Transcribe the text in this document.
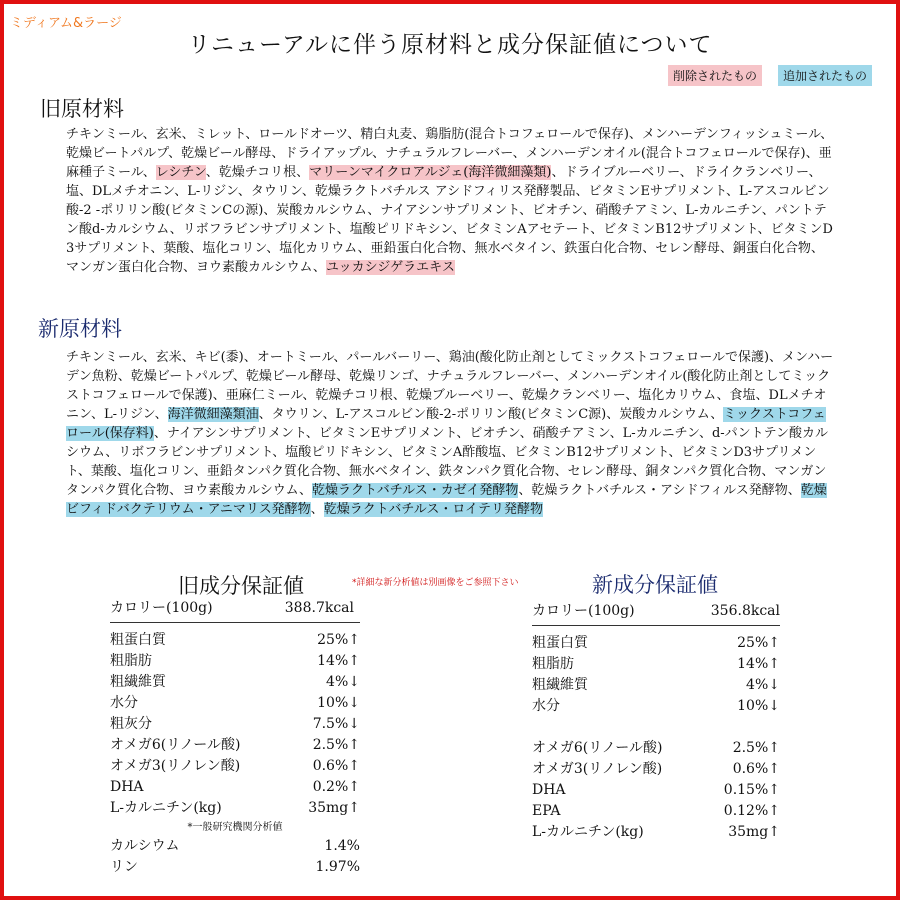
ミディアム&ラージ
リニューアルに伴う原材料と成分保証値について
削除されたもの	追加されたもの
旧原材料

チキンミール、玄米、ミレット、ロールドオーツ、精白丸麦、鶏脂肪(混合トコフェロールで保存)、メンハーデンフィッシュミール、乾燥ビートパルプ、乾燥ビール酵母、ドライアップル、ナチュラルフレーバー、メンハーデンオイル(混合トコフェロールで保存)、亜麻種子ミール、レシチン、乾燥チコリ根、マリーンマイクロアルジェ(海洋微細藻類)、ドライブルーベリー、ドライクランベリー、塩、DLメチオニン、L-リジン、タウリン、乾燥ラクトバチルス アシドフィリス発酵製品、ビタミンEサプリメント、L-アスコルビン酸-2 -ポリリン酸(ビタミンCの源)、炭酸カルシウム、ナイアシンサプリメント、ビオチン、硝酸チアミン、L-カルニチン、パントテン酸d-カルシウム、リボフラビンサプリメント、塩酸ピリドキシン、ビタミンAアセテート、ビタミンB12サプリメント、ビタミンD3サプリメント、葉酸、塩化コリン、塩化カリウム、亜鉛蛋白化合物、無水ベタイン、鉄蛋白化合物、セレン酵母、銅蛋白化合物、マンガン蛋白化合物、ヨウ素酸カルシウム、ユッカシジゲラエキス

新原材料

チキンミール、玄米、キビ(黍)、オートミール、パールバーリー、鶏油(酸化防止剤としてミックストコフェロールで保護)、メンハーデン魚粉、乾燥ビートパルプ、乾燥ビール酵母、乾燥リンゴ、ナチュラルフレーバー、メンハーデンオイル(酸化防止剤としてミックストコフェロールで保護)、亜麻仁ミール、乾燥チコリ根、乾燥ブルーベリー、乾燥クランベリー、塩化カリウム、食塩、DLメチオニン、L-リジン、海洋微細藻類油、タウリン、L-アスコルビン酸-2-ポリリン酸(ビタミンC源)、炭酸カルシウム、ミックストコフェロール(保存料)、ナイアシンサプリメント、ビタミンEサプリメント、ビオチン、硝酸チアミン、L-カルニチン、d-パントテン酸カルシウム、リボフラビンサプリメント、塩酸ピリドキシン、ビタミンA酢酸塩、ビタミンB12サプリメント、ビタミンD3サプリメント、葉酸、塩化コリン、亜鉛タンパク質化合物、無水ベタイン、鉄タンパク質化合物、セレン酵母、銅タンパク質化合物、マンガンタンパク質化合物、ヨウ素酸カルシウム、乾燥ラクトバチルス・カゼイ発酵物、乾燥ラクトバチルス・アシドフィルス発酵物、乾燥ビフィドバクテリウム・アニマリス発酵物、乾燥ラクトバチルス・ロイテリ発酵物

旧成分保証値	*詳細な新分析値は別画像をご参照下さい	新成分保証値
カロリー(100g)	388.7kcal
粗蛋白質	25%↑
粗脂肪	14%↑
粗繊維質	4%↓
水分	10%↓
粗灰分	7.5%↓
オメガ6(リノール酸)	2.5%↑
オメガ3(リノレン酸)	0.6%↑
DHA	0.2%↑
L-カルニチン(kg)	35mg↑
*一般研究機関分析値
カルシウム	1.4%
リン	1.97%
カロリー(100g)	356.8kcal
粗蛋白質	25%↑
粗脂肪	14%↑
粗繊維質	4%↓
水分	10%↓
オメガ6(リノール酸)	2.5%↑
オメガ3(リノレン酸)	0.6%↑
DHA	0.15%↑
EPA	0.12%↑
L-カルニチン(kg)	35mg↑
